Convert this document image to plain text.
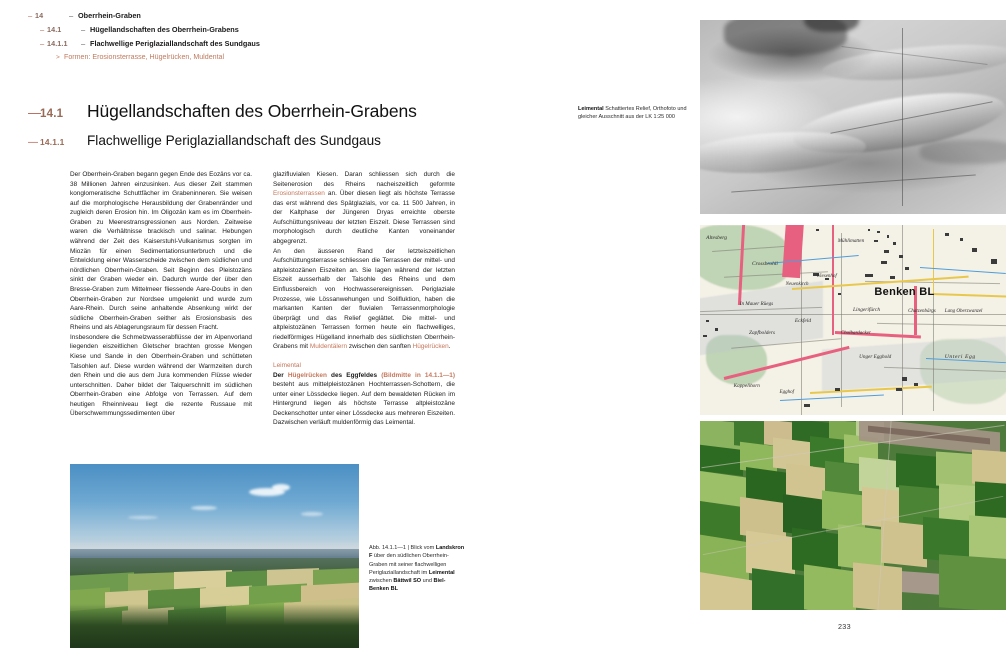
– 14	– Oberrhein-Graben
– 14.1	– Hügellandschaften des Oberrhein-Grabens
– 14.1.1	– Flachwellige Periglaziallandschaft des Sundgaus
> Formen: Erosionsterrasse, Hügelrücken, Muldental
— 14.1	Hügellandschaften des Oberrhein-Grabens
— 14.1.1	Flachwellige Periglaziallandschaft des Sundgaus

Der Oberrhein-Graben begann gegen Ende des Eozäns vor ca. 38 Millionen Jahren einzusinken. Aus dieser Zeit stammen konglomeratische Schuttfächer im Grabeninneren. Sie weisen auf die morphologische Herausbildung der Grabenränder und zugleich deren Erosion hin. Im Oligozän kam es im Oberrhein-Graben zu Meerestransgressionen aus Norden. Zeitweise waren die Verhältnisse brackisch und salinar. Hebungen während der Zeit des Kaiserstuhl-Vulkanismus sorgten im Miozän für einen Sedimentationsunterbruch und die Entwicklung einer Wasserscheide zwischen dem südlichen und nördlichen Oberrhein-Graben. Seit Beginn des Pleistozäns sinkt der Graben wieder ein. Dadurch wurde der über den Bresse-Graben zum Mittelmeer fliessende Aare-Doubs in den Oberrhein-Graben zur Nordsee umgelenkt und wurde zum Aare-Rhein. Durch seine anhaltende Absenkung wirkt der südliche Oberrhein-Graben seither als Erosionsbasis des Rheins und als Ablagerungsraum für dessen Fracht.

Insbesondere die Schmelzwasserabflüsse der im Alpenvorland liegenden eiszeitlichen Gletscher brachten grosse Mengen Kiese und Sande in den Oberrhein-Graben und schütteten Talsohlen auf. Diese wurden während der Warmzeiten durch den Rhein und die aus dem Jura kommenden Flüsse wieder unterschnitten. Daher bildet der Talquerschnitt im südlichen Oberrhein-Graben eine Abfolge von Terrassen. Auf dem heutigen Rheinniveau liegt die rezente Russaue mit Überschwemmungssedimenten über

glazifluvialen Kiesen. Daran schliessen sich durch die Seitenerosion des Rheins nacheiszeitlich geformte Erosionsterrassen an. Über diesen liegt als höchste Terrasse das erst während des Spätglazials, vor ca. 11 500 Jahren, in der Kaltphase der Jüngeren Dryas erreichte oberste Aufschüttungsniveau der letzten Eiszeit. Diese Terrassen sind morphologisch durch deutliche Kanten voneinander abgegrenzt.

An den äusseren Rand der letzteiszeitlichen Aufschüttungsterrasse schliessen die Terrassen der mittel- und altpleistozänen Eiszeiten an. Sie lagen während der letzten Eiszeit ausserhalb der Talsohle des Rheins und dem Einflussbereich von Hochwasserereignissen. Periglaziale Prozesse, wie Lössanwehungen und Solifluktion, haben die markanten Kanten der fluvialen Terrassenmorphologie überprägt und das Relief geglättet. Die mittel- und altpleistozänen Terrassen formen heute ein flachwelliges, riedelförmiges Hügelland innerhalb des südlichsten Oberrhein-Grabens mit Muldentälern zwischen den sanften Hügelrücken.

Leimental

Der Hügelrücken des Eggfeldes (Bildmitte in 14.1.1—1) besteht aus mittelpleistozänen Hochterrassen-Schottern, die unter einer Lössdecke liegen. Auf dem bewaldeten Rücken im Hintergrund liegen als höchste Terrasse altpleistozäne Deckenschotter unter einer Lössdecke aus mehreren Eiszeiten. Dazwischen verläuft muldenförmig das Leimental.

Abb. 14.1.1—1 | Blick vom Landskron F über den südlichen Oberrhein-Graben mit seiner flachwelligen Periglaziallandschaft im Leimental zwischen Bättwil SO und Biel-Benken BL
Leimental Schattiertes Relief, Orthofoto und gleicher Ausschnitt aus der LK 1:25 000
Benken BL
Altesberg
Crossbrohli
Mühlimatten
Wiesenhof
Neuenkirch
In Mauer Rüegs
Eckfeld
Zapfbolders
Lingerifürch	Chatzenbärgs Lang Oberzwanzel
Cholbardacker
Unger Egghold	Unteri Egg
Kappelihorn
Egghof
233
